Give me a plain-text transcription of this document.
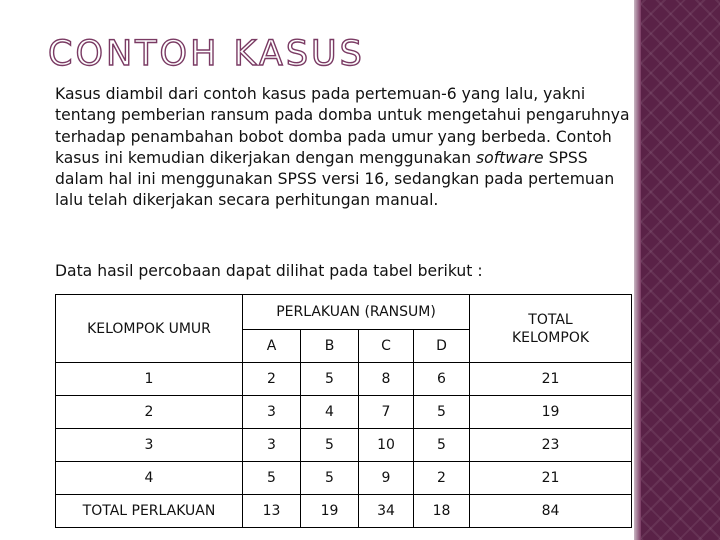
CONTOH KASUS

Kasus diambil dari contoh kasus pada pertemuan-6 yang lalu, yakni tentang pemberian ransum pada domba untuk mengetahui pengaruhnya terhadap penambahan bobot domba pada umur yang berbeda. Contoh kasus ini kemudian dikerjakan dengan menggunakan software SPSS dalam hal ini menggunakan SPSS versi 16, sedangkan pada pertemuan lalu telah dikerjakan secara perhitungan manual.

Data hasil percobaan dapat dilihat pada tabel berikut :

KELOMPOK UMUR	PERLAKUAN (RANSUM)				TOTAL KELOMPOK
	A	B	C	D	
1	2	5	8	6	21
2	3	4	7	5	19
3	3	5	10	5	23
4	5	5	9	2	21
TOTAL PERLAKUAN	13	19	34	18	84
